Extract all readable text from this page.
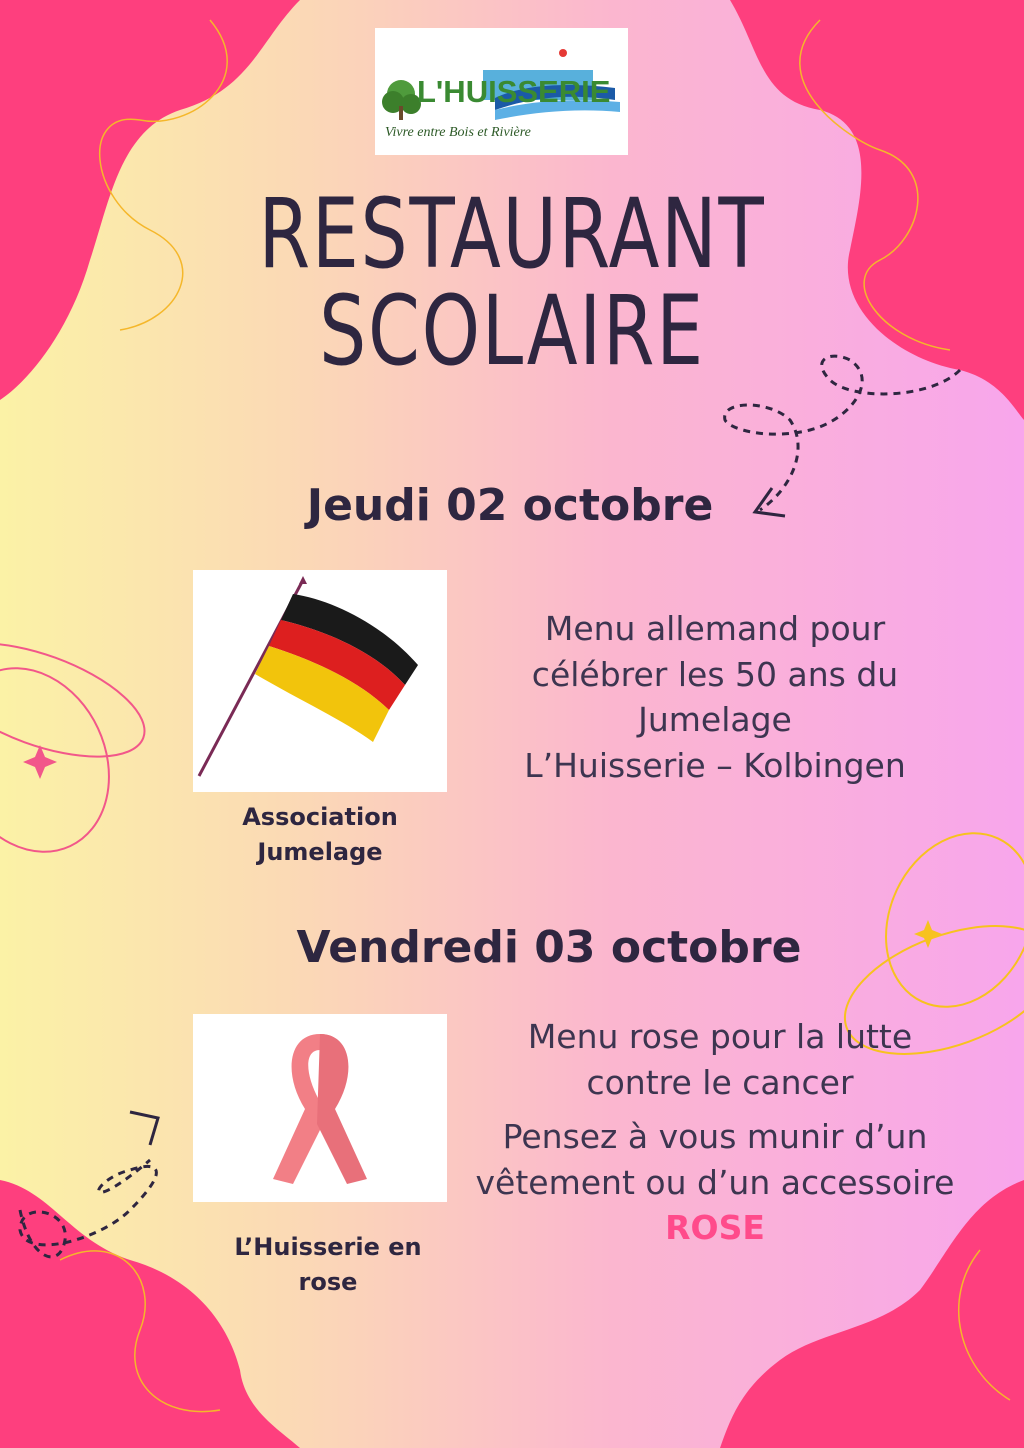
L'HUISSERIE
Vivre entre Bois et Rivière
RESTAURANT
SCOLAIRE
Jeudi 02 octobre
Association
Jumelage
Menu allemand pour
célébrer les 50 ans du
Jumelage
L’Huisserie – Kolbingen
Vendredi 03 octobre
L’Huisserie en
rose
Menu rose pour la lutte
contre le cancer
Pensez à vous munir d’un
vêtement ou d’un accessoire
ROSE
